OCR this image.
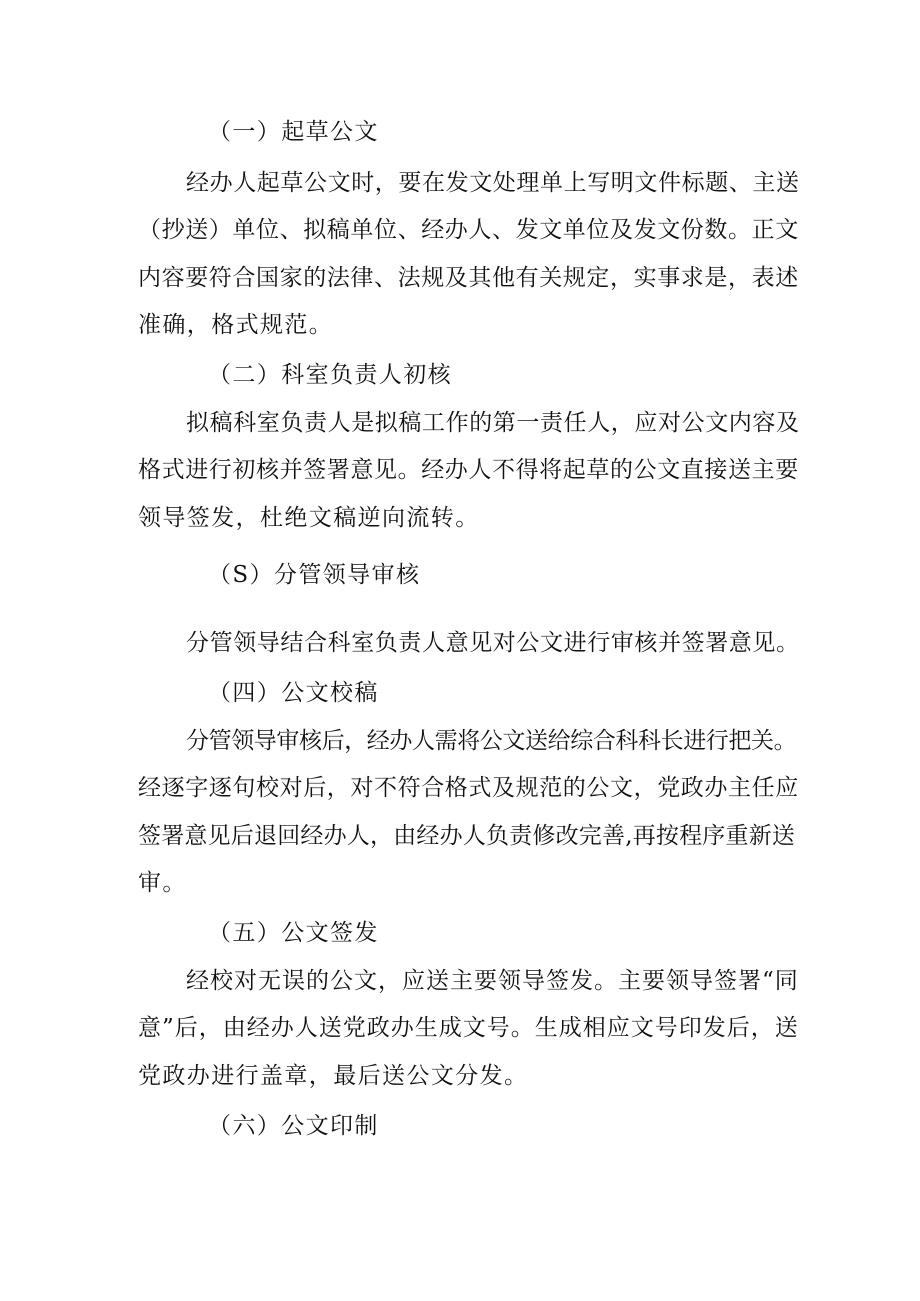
（一）起草公文
经办人起草公文时，要在发文处理单上写明文件标题、主送
（抄送）单位、拟稿单位、经办人、发文单位及发文份数。正文
内容要符合国家的法律、法规及其他有关规定，实事求是，表述
准确，格式规范。
（二）科室负责人初核
拟稿科室负责人是拟稿工作的第一责任人，应对公文内容及
格式进行初核并签署意见。经办人不得将起草的公文直接送主要
领导签发，杜绝文稿逆向流转。
（S）分管领导审核
分管领导结合科室负责人意见对公文进行审核并签署意见。
（四）公文校稿
分管领导审核后，经办人需将公文送给综合科科长进行把关。
经逐字逐句校对后，对不符合格式及规范的公文，党政办主任应
签署意见后退回经办人，由经办人负责修改完善,再按程序重新送
审。
（五）公文签发
经校对无误的公文，应送主要领导签发。主要领导签署“同
意”后，由经办人送党政办生成文号。生成相应文号印发后，送
党政办进行盖章，最后送公文分发。
（六）公文印制
